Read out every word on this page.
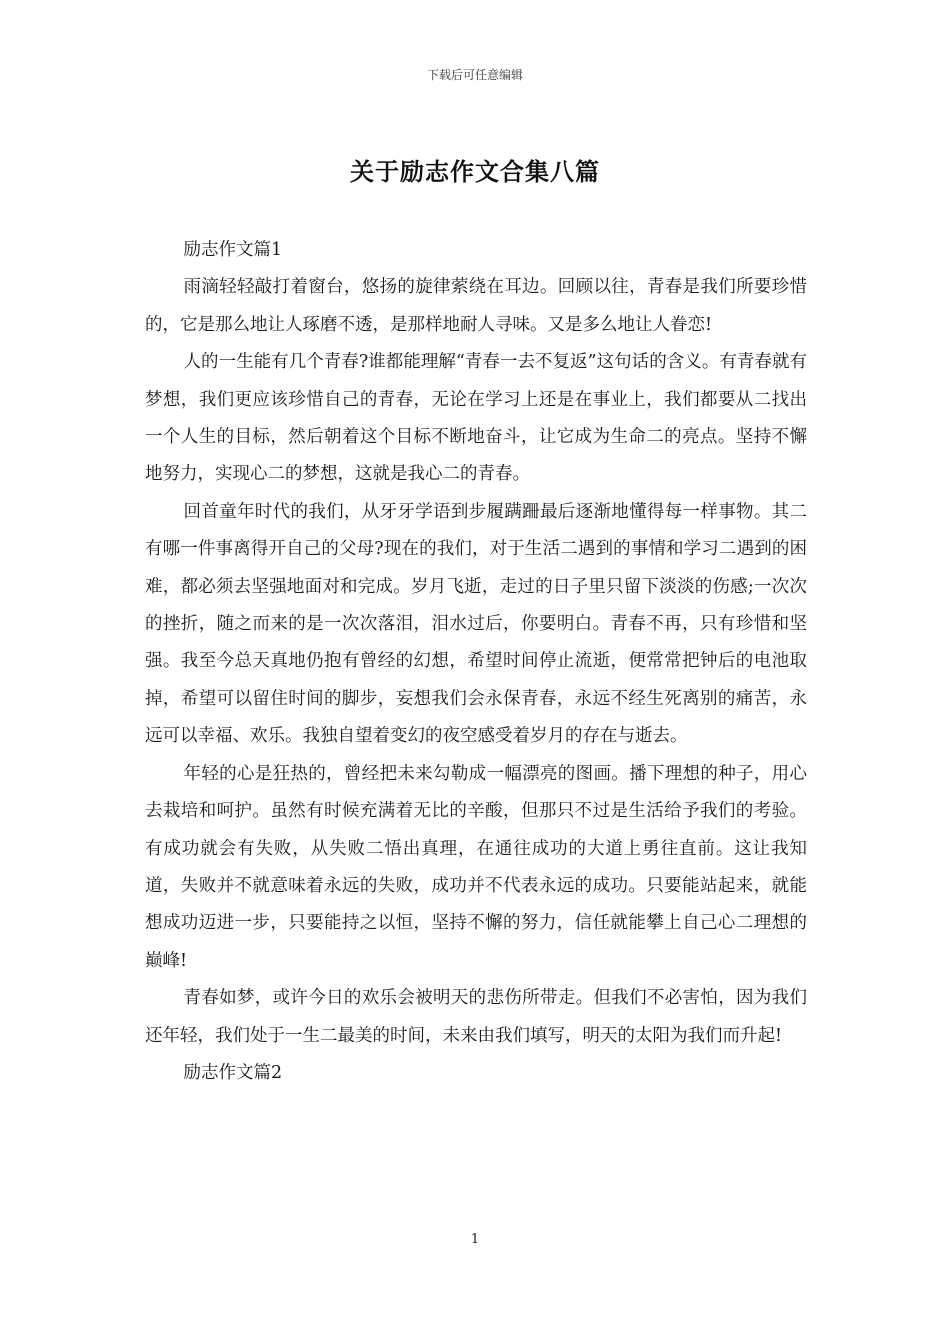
下载后可任意编辑
关于励志作文合集八篇

励志作文篇1

雨滴轻轻敲打着窗台，悠扬的旋律萦绕在耳边。回顾以往，青春是我们所要珍惜的，它是那么地让人琢磨不透，是那样地耐人寻味。又是多么地让人眷恋!

人的一生能有几个青春?谁都能理解“青春一去不复返”这句话的含义。有青春就有梦想，我们更应该珍惜自己的青春，无论在学习上还是在事业上，我们都要从二找出一个人生的目标，然后朝着这个目标不断地奋斗，让它成为生命二的亮点。坚持不懈地努力，实现心二的梦想，这就是我心二的青春。

回首童年时代的我们，从牙牙学语到步履蹒跚最后逐渐地懂得每一样事物。其二有哪一件事离得开自己的父母?现在的我们，对于生活二遇到的事情和学习二遇到的困难，都必须去坚强地面对和完成。岁月飞逝，走过的日子里只留下淡淡的伤感;一次次的挫折，随之而来的是一次次落泪，泪水过后，你要明白。青春不再，只有珍惜和坚强。我至今总天真地仍抱有曾经的幻想，希望时间停止流逝，便常常把钟后的电池取掉，希望可以留住时间的脚步，妄想我们会永保青春，永远不经生死离别的痛苦，永远可以幸福、欢乐。我独自望着变幻的夜空感受着岁月的存在与逝去。

年轻的心是狂热的，曾经把未来勾勒成一幅漂亮的图画。播下理想的种子，用心去栽培和呵护。虽然有时候充满着无比的辛酸，但那只不过是生活给予我们的考验。有成功就会有失败，从失败二悟出真理，在通往成功的大道上勇往直前。这让我知道，失败并不就意味着永远的失败，成功并不代表永远的成功。只要能站起来，就能想成功迈进一步，只要能持之以恒，坚持不懈的努力，信任就能攀上自己心二理想的巅峰!

青春如梦，或许今日的欢乐会被明天的悲伤所带走。但我们不必害怕，因为我们还年轻，我们处于一生二最美的时间，未来由我们填写，明天的太阳为我们而升起!

励志作文篇2

1
